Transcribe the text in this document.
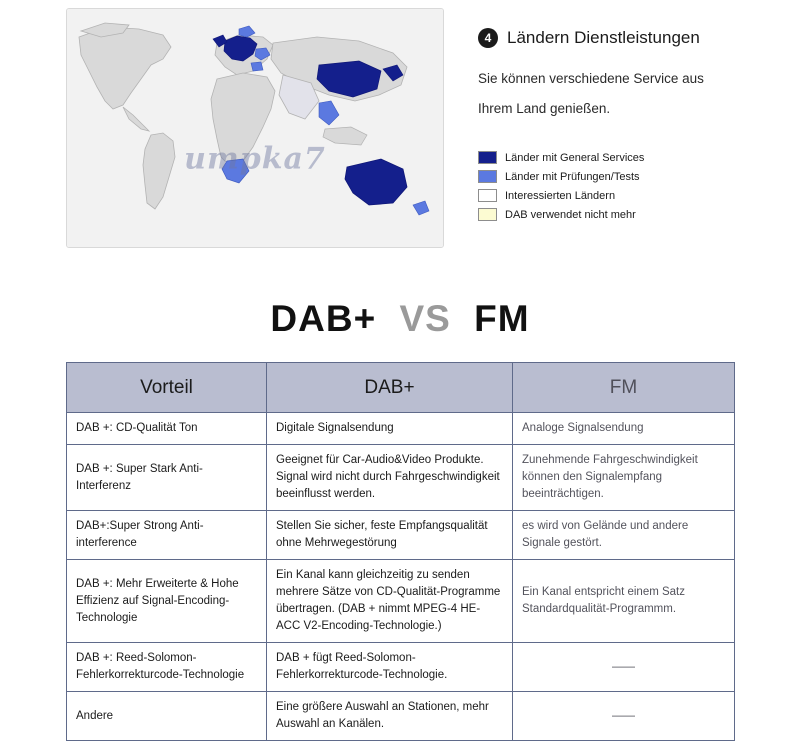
umpka7
4 Ländern Dienstleistungen
Sie können verschiedene Service aus Ihrem Land genießen.
Länder mit General Services
Länder mit Prüfungen/Tests
Interessierten Ländern
DAB verwendet nicht mehr
DAB+ VS FM
Vorteil	DAB+	FM
DAB +: CD-Qualität Ton	Digitale Signalsendung	Analoge Signalsendung
DAB +: Super Stark Anti-Interferenz	Geeignet für Car-Audio&Video Produkte. Signal wird nicht durch Fahrgeschwindigkeit beeinflusst werden.	Zunehmende Fahrgeschwindigkeit können den Signalempfang beeinträchtigen.
DAB+:Super Strong Anti-interference	Stellen Sie sicher, feste Empfangsqualität ohne Mehrwegestörung	es wird von Gelände und andere Signale gestört.
DAB +: Mehr Erweiterte & Hohe Effizienz auf Signal-Encoding-Technologie	Ein Kanal kann gleichzeitig zu senden mehrere Sätze von CD-Qualität-Programme übertragen. (DAB + nimmt MPEG-4 HE-ACC V2-Encoding-Technologie.)	Ein Kanal entspricht einem Satz Standardqualität-Programmm.
DAB +: Reed-Solomon-Fehlerkorrekturcode-Technologie	DAB + fügt Reed-Solomon-Fehlerkorrekturcode-Technologie.	——
Andere	Eine größere Auswahl an Stationen, mehr Auswahl an Kanälen.	——
